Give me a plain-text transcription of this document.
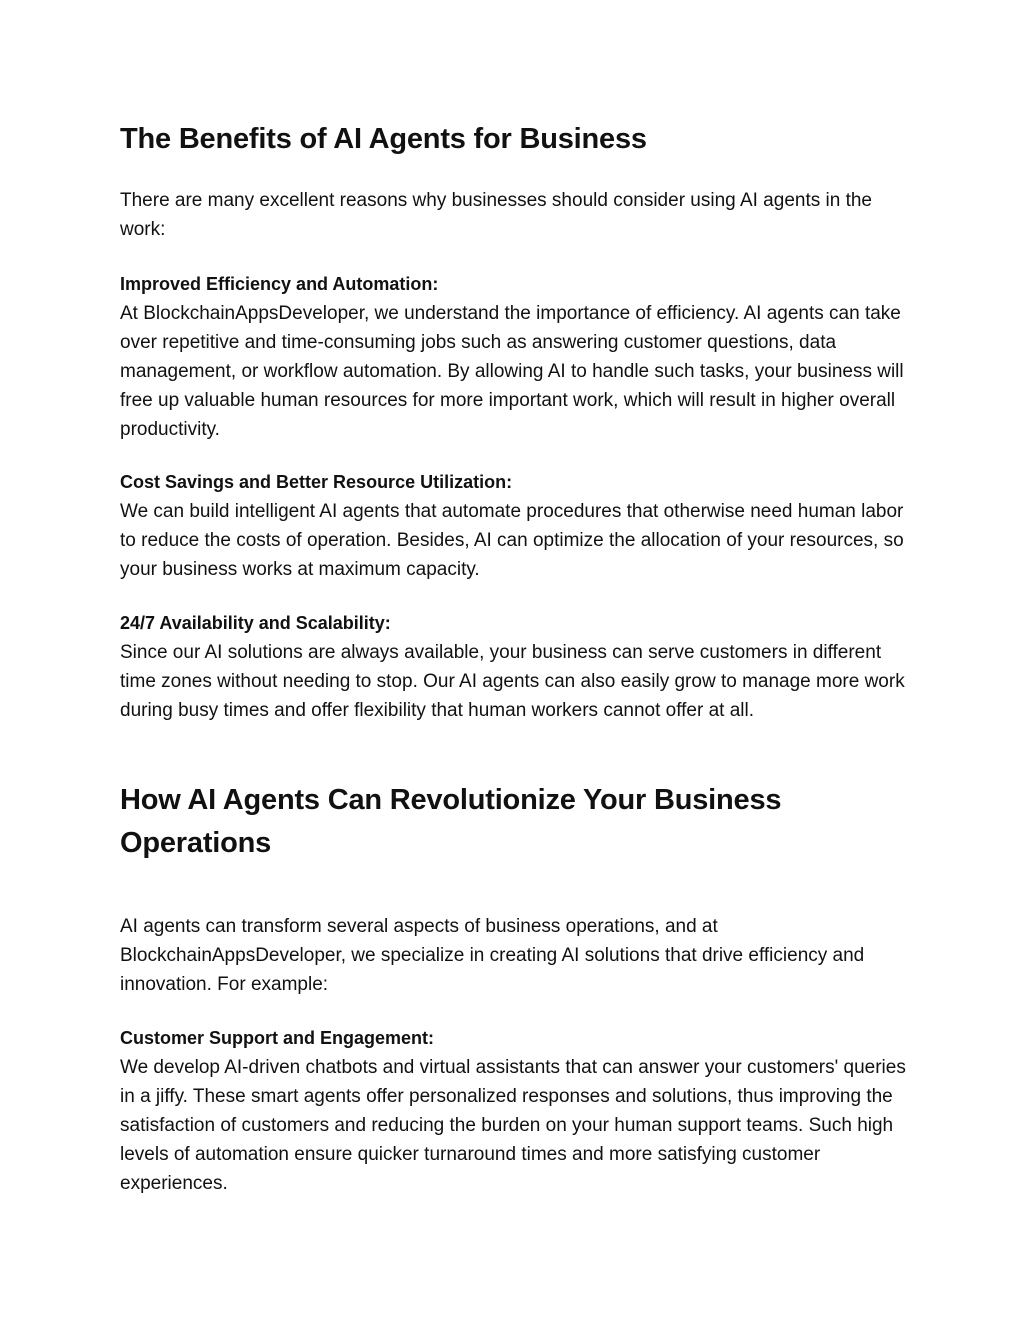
The Benefits of AI Agents for Business

There are many excellent reasons why businesses should consider using AI agents in the work:

Improved Efficiency and Automation:
At BlockchainAppsDeveloper, we understand the importance of efficiency. AI agents can take over repetitive and time-consuming jobs such as answering customer questions, data management, or workflow automation. By allowing AI to handle such tasks, your business will free up valuable human resources for more important work, which will result in higher overall productivity.
Cost Savings and Better Resource Utilization:
We can build intelligent AI agents that automate procedures that otherwise need human labor to reduce the costs of operation. Besides, AI can optimize the allocation of your resources, so your business works at maximum capacity.
24/7 Availability and Scalability:
Since our AI solutions are always available, your business can serve customers in different time zones without needing to stop. Our AI agents can also easily grow to manage more work during busy times and offer flexibility that human workers cannot offer at all.
How AI Agents Can Revolutionize Your Business Operations

AI agents can transform several aspects of business operations, and at BlockchainAppsDeveloper, we specialize in creating AI solutions that drive efficiency and innovation. For example:

Customer Support and Engagement:
We develop AI-driven chatbots and virtual assistants that can answer your customers' queries in a jiffy. These smart agents offer personalized responses and solutions, thus improving the satisfaction of customers and reducing the burden on your human support teams. Such high levels of automation ensure quicker turnaround times and more satisfying customer experiences.
